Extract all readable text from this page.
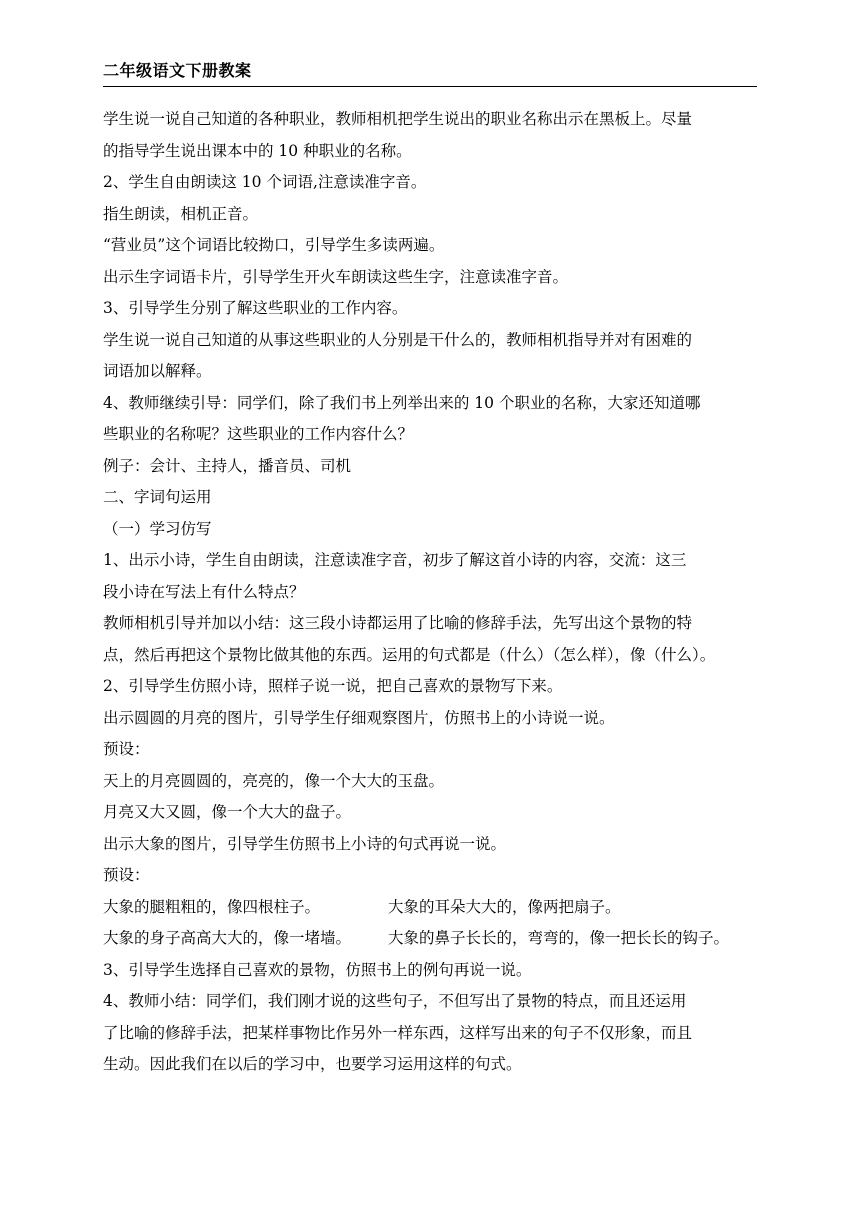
二年级语文下册教案
学生说一说自己知道的各种职业，教师相机把学生说出的职业名称出示在黑板上。尽量
的指导学生说出课本中的 10 种职业的名称。
2、学生自由朗读这 10 个词语,注意读准字音。
指生朗读，相机正音。
“营业员”这个词语比较拗口，引导学生多读两遍。
出示生字词语卡片，引导学生开火车朗读这些生字，注意读准字音。
3、引导学生分别了解这些职业的工作内容。
学生说一说自己知道的从事这些职业的人分别是干什么的，教师相机指导并对有困难的
词语加以解释。
4、教师继续引导：同学们，除了我们书上列举出来的 10 个职业的名称，大家还知道哪
些职业的名称呢？这些职业的工作内容什么？
例子：会计、主持人，播音员、司机
二、字词句运用
（一）学习仿写
1、出示小诗，学生自由朗读，注意读准字音，初步了解这首小诗的内容，交流：这三
段小诗在写法上有什么特点？
教师相机引导并加以小结：这三段小诗都运用了比喻的修辞手法，先写出这个景物的特
点，然后再把这个景物比做其他的东西。运用的句式都是（什么）（怎么样），像（什么）。
2、引导学生仿照小诗，照样子说一说，把自己喜欢的景物写下来。
出示圆圆的月亮的图片，引导学生仔细观察图片，仿照书上的小诗说一说。
预设：
天上的月亮圆圆的，亮亮的，像一个大大的玉盘。
月亮又大又圆，像一个大大的盘子。
出示大象的图片，引导学生仿照书上小诗的句式再说一说。
预设：
大象的腿粗粗的，像四根柱子。	大象的耳朵大大的，像两把扇子。
大象的身子高高大大的，像一堵墙。	大象的鼻子长长的，弯弯的，像一把长长的钩子。
3、引导学生选择自己喜欢的景物，仿照书上的例句再说一说。
4、教师小结：同学们，我们刚才说的这些句子，不但写出了景物的特点，而且还运用
了比喻的修辞手法，把某样事物比作另外一样东西，这样写出来的句子不仅形象，而且
生动。因此我们在以后的学习中，也要学习运用这样的句式。
